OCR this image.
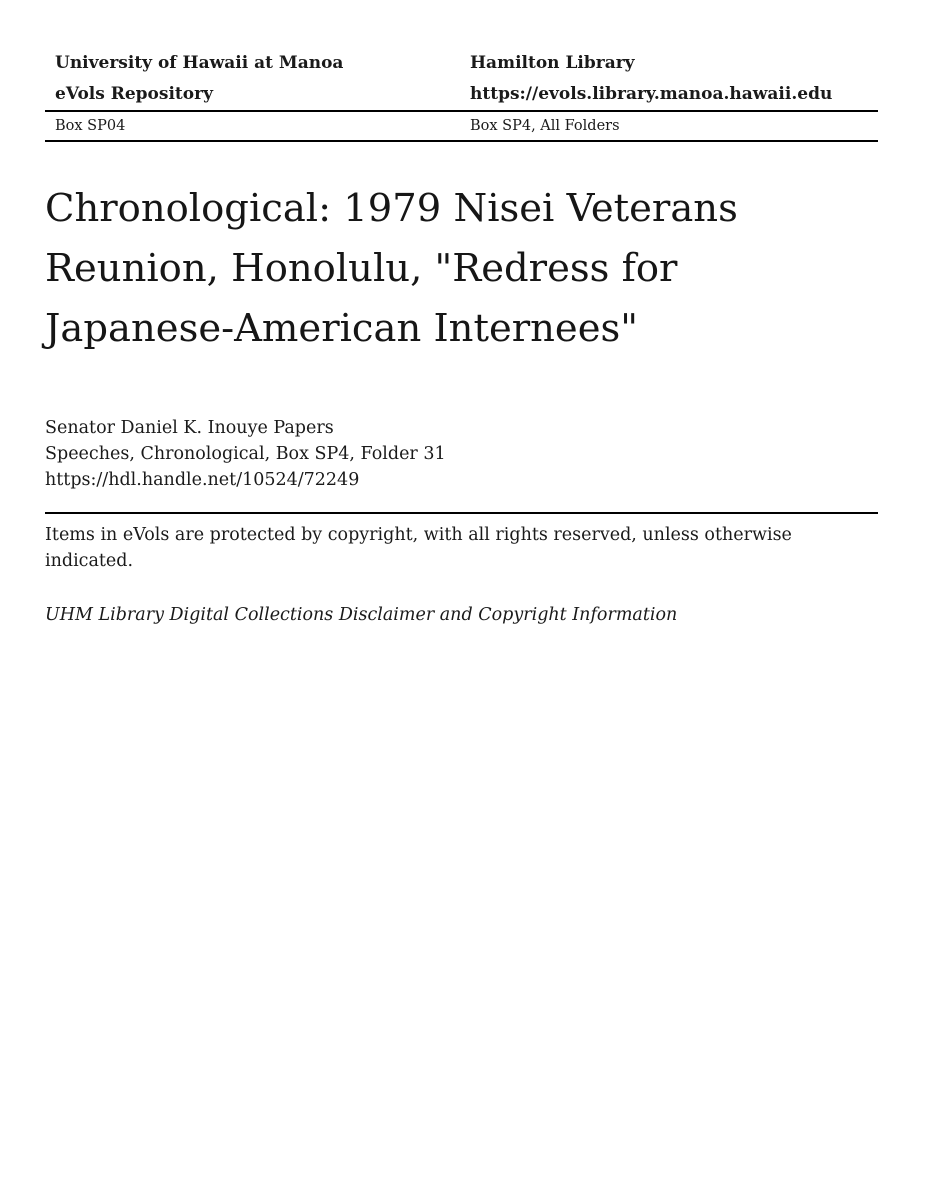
University of Hawaii at Manoa
eVols Repository
Hamilton Library
https://evols.library.manoa.hawaii.edu
Box SP04	Box SP4, All Folders
Chronological: 1979 Nisei Veterans
Reunion, Honolulu, "Redress for
Japanese-American Internees"
Senator Daniel K. Inouye Papers
Speeches, Chronological, Box SP4, Folder 31
https://hdl.handle.net/10524/72249
Items in eVols are protected by copyright, with all rights reserved, unless otherwise indicated.
UHM Library Digital Collections Disclaimer and Copyright Information
